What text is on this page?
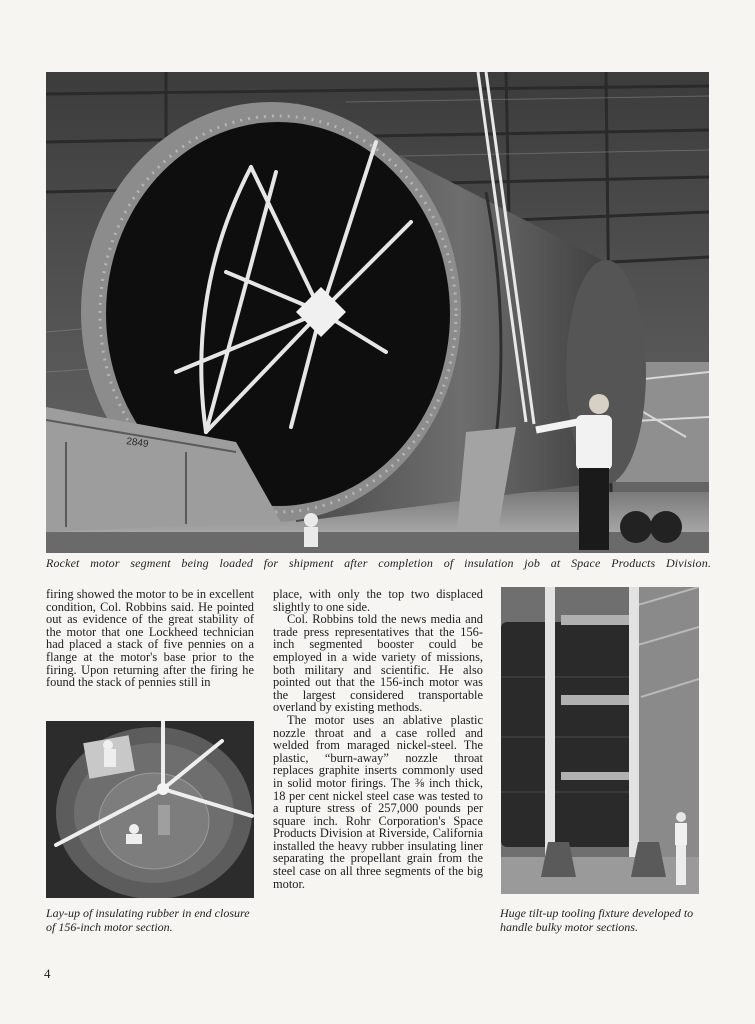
2849
Rocket motor segment being loaded for shipment after completion of insulation job at Space Products Division.

firing showed the motor to be in excellent condition, Col. Robbins said. He pointed out as evidence of the great stability of the motor that one Lockheed technician had placed a stack of five pennies on a flange at the motor's base prior to the firing. Upon returning after the firing he found the stack of pennies still in

Lay-up of insulating rubber in end closure of 156-inch motor section.

place, with only the top two displaced slightly to one side.

Col. Robbins told the news media and trade press representatives that the 156-inch segmented booster could be employed in a wide variety of missions, both military and scientific. He also pointed out that the 156-inch motor was the largest considered transportable overland by existing methods.

The motor uses an ablative plastic nozzle throat and a case rolled and welded from maraged nickel-steel. The plastic, “burn-away” nozzle throat replaces graphite inserts commonly used in solid motor firings. The ⅜ inch thick, 18 per cent nickel steel case was tested to a rupture stress of 257,000 pounds per square inch. Rohr Corporation's Space Products Division at Riverside, California installed the heavy rubber insulating liner separating the propellant grain from the steel case on all three segments of the big motor.

Huge tilt-up tooling fixture developed to handle bulky motor sections.
4
